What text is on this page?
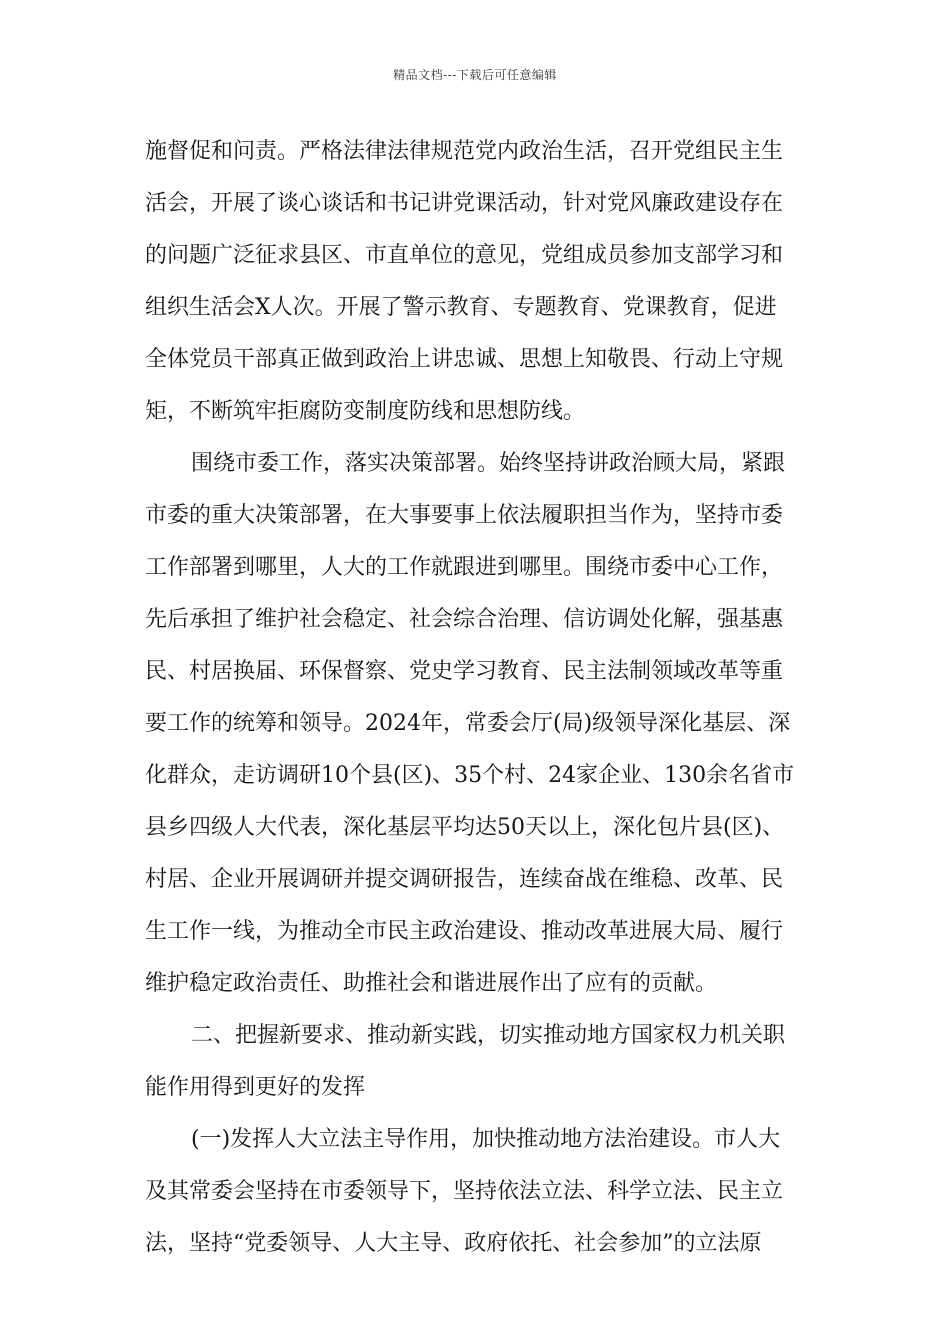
精品文档---下载后可任意编辑
施督促和问责。严格法律法律规范党内政治生活，召开党组民主生
活会，开展了谈心谈话和书记讲党课活动，针对党风廉政建设存在
的问题广泛征求县区、市直单位的意见，党组成员参加支部学习和
组织生活会X人次。开展了警示教育、专题教育、党课教育，促进
全体党员干部真正做到政治上讲忠诚、思想上知敬畏、行动上守规
矩，不断筑牢拒腐防变制度防线和思想防线。
围绕市委工作，落实决策部署。始终坚持讲政治顾大局，紧跟
市委的重大决策部署，在大事要事上依法履职担当作为，坚持市委
工作部署到哪里，人大的工作就跟进到哪里。围绕市委中心工作，
先后承担了维护社会稳定、社会综合治理、信访调处化解，强基惠
民、村居换届、环保督察、党史学习教育、民主法制领域改革等重
要工作的统筹和领导。2024年，常委会厅(局)级领导深化基层、深
化群众，走访调研10个县(区)、35个村、24家企业、130余名省市
县乡四级人大代表，深化基层平均达50天以上，深化包片县(区)、
村居、企业开展调研并提交调研报告，连续奋战在维稳、改革、民
生工作一线，为推动全市民主政治建设、推动改革进展大局、履行
维护稳定政治责任、助推社会和谐进展作出了应有的贡献。
二、把握新要求、推动新实践，切实推动地方国家权力机关职
能作用得到更好的发挥
(一)发挥人大立法主导作用，加快推动地方法治建设。市人大
及其常委会坚持在市委领导下，坚持依法立法、科学立法、民主立
法，坚持“党委领导、人大主导、政府依托、社会参加”的立法原
